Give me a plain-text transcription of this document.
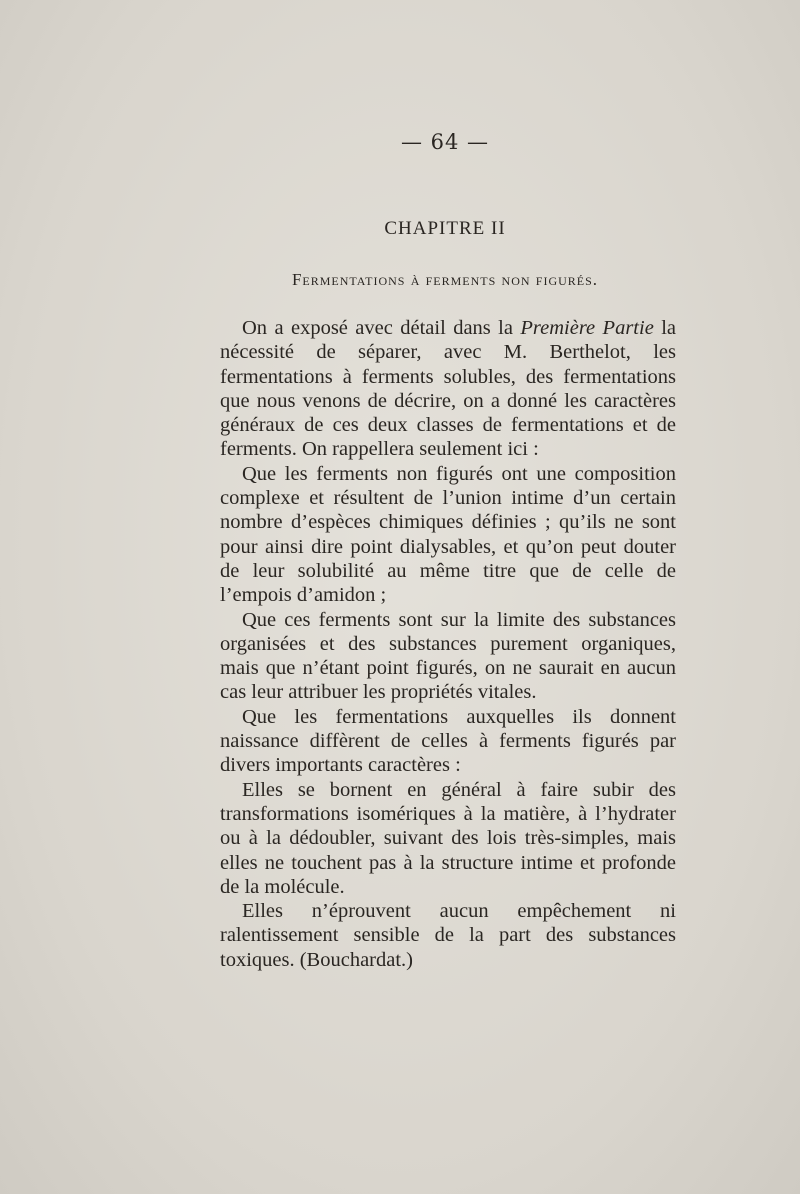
— 64 —
CHAPITRE II
Fermentations à ferments non figurés.

On a exposé avec détail dans la Première Partie la nécessité de séparer, avec M. Berthelot, les fermentations à ferments solubles, des fermentations que nous venons de décrire, on a donné les caractères généraux de ces deux classes de fermentations et de ferments. On rappellera seulement ici :

Que les ferments non figurés ont une composition complexe et résultent de l’union intime d’un certain nombre d’espèces chimiques définies ; qu’ils ne sont pour ainsi dire point dialysables, et qu’on peut douter de leur solubilité au même titre que de celle de l’empois d’amidon ;

Que ces ferments sont sur la limite des substances organisées et des substances purement organiques, mais que n’étant point figurés, on ne saurait en aucun cas leur attribuer les propriétés vitales.

Que les fermentations auxquelles ils donnent naissance diffèrent de celles à ferments figurés par divers importants caractères :

Elles se bornent en général à faire subir des transformations isomériques à la matière, à l’hydrater ou à la dédoubler, suivant des lois très-simples, mais elles ne touchent pas à la structure intime et profonde de la molécule.

Elles n’éprouvent aucun empêchement ni ralentissement sensible de la part des substances toxiques. (Bouchardat.)
